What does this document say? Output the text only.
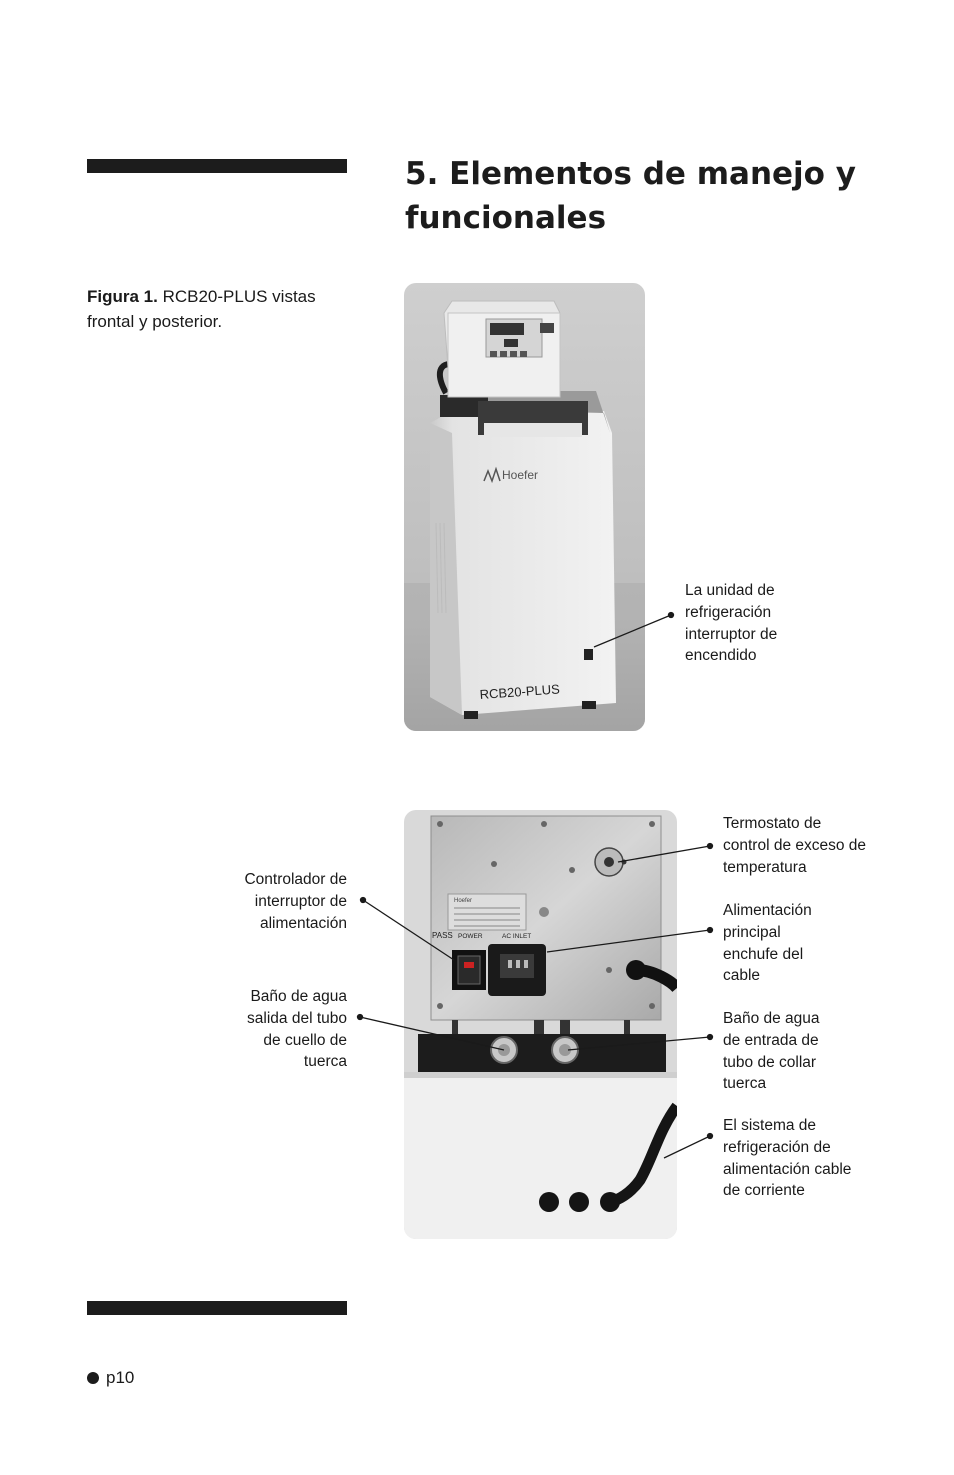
5. Elementos de manejo y
funcionales
Figura 1. RCB20-PLUS vistas
frontal y posterior.
Hoefer
RCB20-PLUS
Hoefer
PASS POWER	AC INLET
La unidad de
refrigeración
interruptor de
encendido
Termostato de
control de exceso de
temperatura
Alimentación
principal
enchufe del
cable
Baño de agua
de entrada de
tubo de collar
tuerca
El sistema de
refrigeración de
alimentación cable
de corriente
Controlador de
interruptor de
alimentación
Baño de agua
salida del tubo
de cuello de
tuerca
p10
